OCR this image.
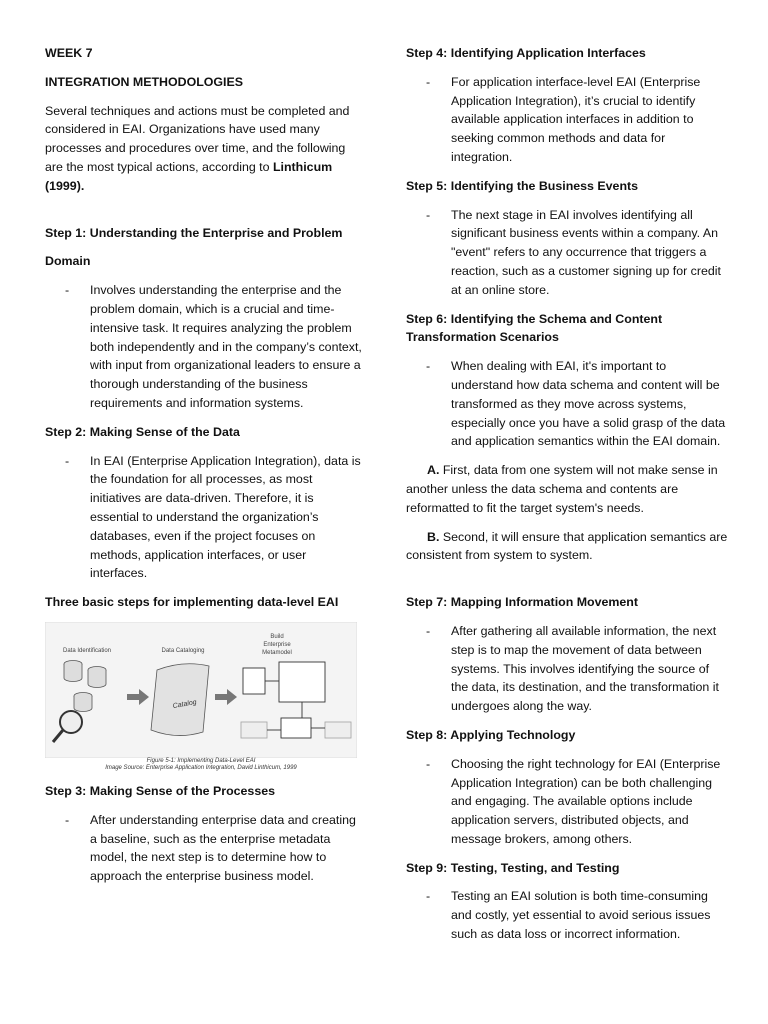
WEEK 7

INTEGRATION METHODOLOGIES

Several techniques and actions must be completed and considered in EAI. Organizations have used many processes and procedures over time, and the following are the most typical actions, according to Linthicum (1999).

Step 1: Understanding the Enterprise and Problem

Domain

- Involves understanding the enterprise and the problem domain, which is a crucial and time-intensive task. It requires analyzing the problem both independently and in the company’s context, with input from organizational leaders to ensure a thorough understanding of the business requirements and information systems.

Step 2: Making Sense of the Data

- In EAI (Enterprise Application Integration), data is the foundation for all processes, as most initiatives are data-driven. Therefore, it is essential to understand the organization’s databases, even if the project focuses on methods, application interfaces, or user interfaces.

Three basic steps for implementing data-level EAI

Data Identification	Data Cataloging
Build
Enterprise
Metamodel
Catalog

Figure 5-1: Implementing Data-Level EAI

Image Source: Enterprise Application Integration, David Linthicum, 1999

Step 3: Making Sense of the Processes

- After understanding enterprise data and creating a baseline, such as the enterprise metadata model, the next step is to determine how to approach the enterprise business model.

Step 4: Identifying Application Interfaces

- For application interface-level EAI (Enterprise Application Integration), it’s crucial to identify available application interfaces in addition to seeking common methods and data for integration.

Step 5: Identifying the Business Events

- The next stage in EAI involves identifying all significant business events within a company. An "event" refers to any occurrence that triggers a reaction, such as a customer signing up for credit at an online store.

Step 6: Identifying the Schema and Content Transformation Scenarios

- When dealing with EAI, it's important to understand how data schema and content will be transformed as they move across systems, especially once you have a solid grasp of the data and application semantics within the EAI domain.

A. First, data from one system will not make sense in another unless the data schema and contents are reformatted to fit the target system's needs.

B. Second, it will ensure that application semantics are consistent from system to system.

Step 7: Mapping Information Movement

- After gathering all available information, the next step is to map the movement of data between systems. This involves identifying the source of the data, its destination, and the transformation it undergoes along the way.

Step 8: Applying Technology

- Choosing the right technology for EAI (Enterprise Application Integration) can be both challenging and engaging. The available options include application servers, distributed objects, and message brokers, among others.

Step 9: Testing, Testing, and Testing

- Testing an EAI solution is both time-consuming and costly, yet essential to avoid serious issues such as data loss or incorrect information.
